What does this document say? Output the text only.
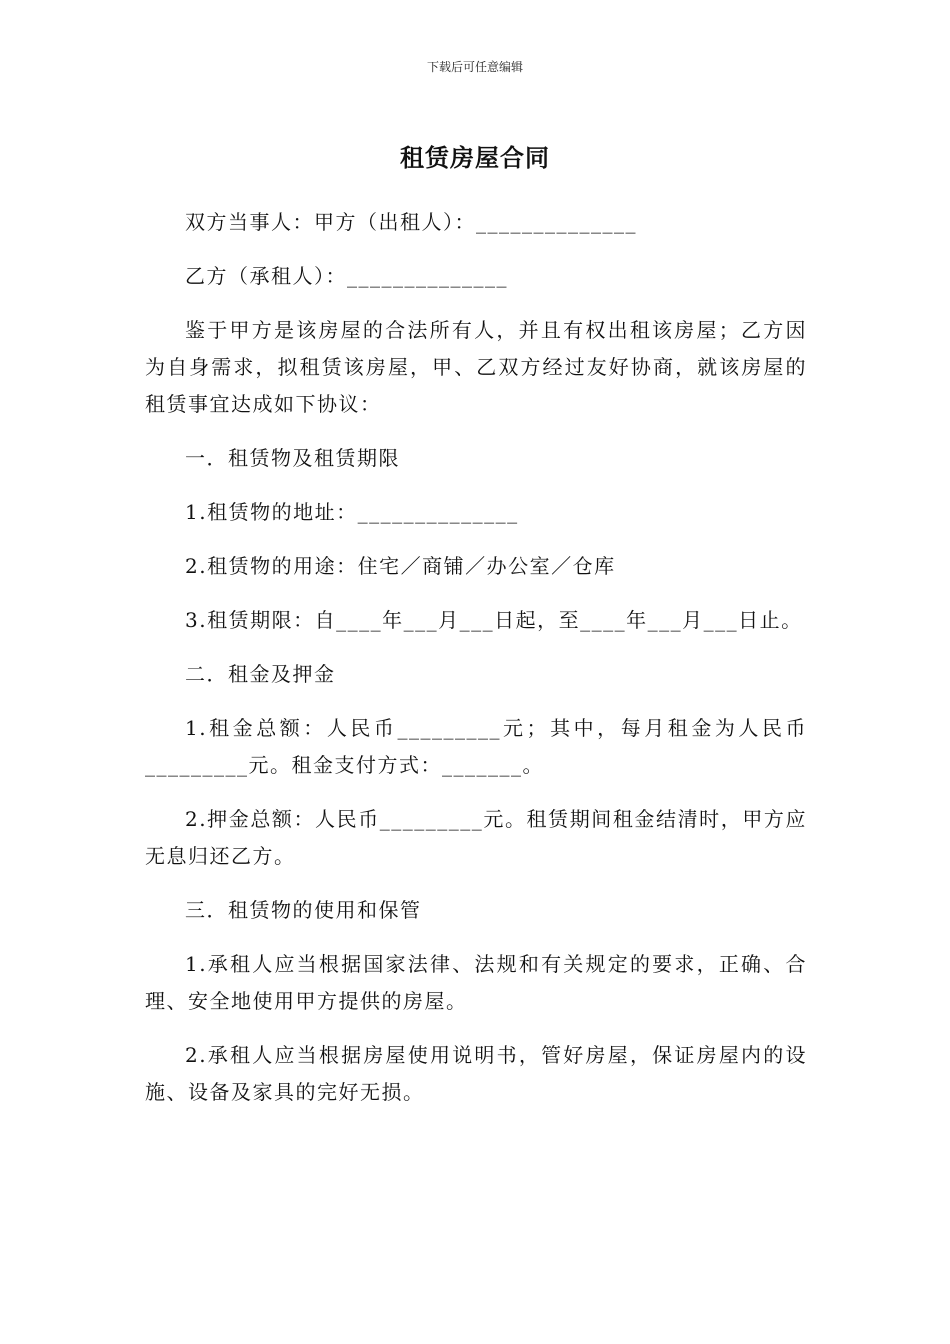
下载后可任意编辑
租赁房屋合同

双方当事人：甲方（出租人）：______________

乙方（承租人）：______________

鉴于甲方是该房屋的合法所有人，并且有权出租该房屋；乙方因为自身需求，拟租赁该房屋，甲、乙双方经过友好协商，就该房屋的租赁事宜达成如下协议：

一．租赁物及租赁期限

1.租赁物的地址：______________

2.租赁物的用途：住宅／商铺／办公室／仓库

3.租赁期限：自____年___月___日起，至____年___月___日止。

二．租金及押金

1.租金总额：人民币_________元；其中，每月租金为人民币_________元。租金支付方式：_______。

2.押金总额：人民币_________元。租赁期间租金结清时，甲方应无息归还乙方。

三．租赁物的使用和保管

1.承租人应当根据国家法律、法规和有关规定的要求，正确、合理、安全地使用甲方提供的房屋。

2.承租人应当根据房屋使用说明书，管好房屋，保证房屋内的设施、设备及家具的完好无损。
